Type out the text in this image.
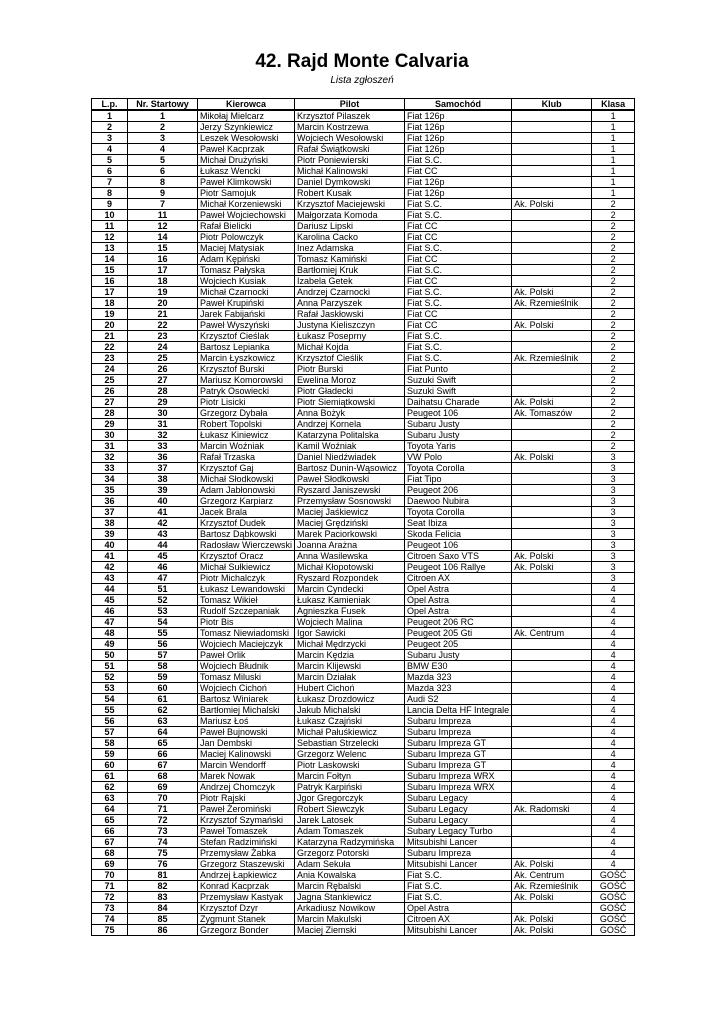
42. Rajd Monte Calvaria
Lista zgłoszeń
L.p.	Nr. Startowy	Kierowca	Pilot	Samochód	Klub	Klasa
1	1	Mikołaj Mielcarz	Krzysztof Pilaszek	Fiat 126p		1
2	2	Jerzy Szynkiewicz	Marcin Kostrzewa	Fiat 126p		1
3	3	Leszek Wesołowski	Wojciech Wesołowski	Fiat 126p		1
4	4	Paweł Kacprzak	Rafał Świątkowski	Fiat 126p		1
5	5	Michał Drużyński	Piotr Poniewierski	Fiat S.C.		1
6	6	Łukasz Wencki	Michał Kalinowski	Fiat CC		1
7	8	Paweł Klimkowski	Daniel Dymkowski	Fiat 126p		1
8	9	Piotr Samojuk	Robert Kusak	Fiat 126p		1
9	7	Michał Korzeniewski	Krzysztof Maciejewski	Fiat S.C.	Ak. Polski	2
10	11	Paweł Wojciechowski	Małgorzata Komoda	Fiat S.C.		2
11	12	Rafał Bielicki	Dariusz Lipski	Fiat CC		2
12	14	Piotr Polowczyk	Karolina Cacko	Fiat CC		2
13	15	Maciej Matysiak	Inez Adamska	Fiat S.C.		2
14	16	Adam Kępiński	Tomasz Kamiński	Fiat CC		2
15	17	Tomasz Pałyska	Bartłomiej Kruk	Fiat S.C.		2
16	18	Wojciech Kusiak	Izabela Getek	Fiat CC		2
17	19	Michał Czarnocki	Andrzej Czarnocki	Fiat S.C.	Ak. Polski	2
18	20	Paweł Krupiński	Anna Parzyszek	Fiat S.C.	Ak. Rzemieślnik	2
19	21	Jarek Fabijański	Rafał Jaskłowski	Fiat CC		2
20	22	Paweł Wyszyński	Justyna Kieliszczyn	Fiat CC	Ak. Polski	2
21	23	Krzysztof Cieślak	Łukasz Poseprny	Fiat S.C.		2
22	24	Bartosz Lepianka	Michał Kojda	Fiat S.C.		2
23	25	Marcin Łyszkowicz	Krzysztof Cieślik	Fiat S.C.	Ak. Rzemieślnik	2
24	26	Krzysztof Burski	Piotr Burski	Fiat Punto		2
25	27	Mariusz Komorowski	Ewelina Moroz	Suzuki Swift		2
26	28	Patryk Osowiecki	Piotr Gładecki	Suzuki Swift		2
27	29	Piotr Lisicki	Piotr Siemiątkowski	Daihatsu Charade	Ak. Polski	2
28	30	Grzegorz Dybała	Anna Bożyk	Peugeot 106	Ak. Tomaszów	2
29	31	Robert Topolski	Andrzej Kornela	Subaru Justy		2
30	32	Łukasz Kiniewicz	Katarzyna Politalska	Subaru Justy		2
31	33	Marcin Woźniak	Kamil Woźniak	Toyota Yaris		2
32	36	Rafał Trzaska	Daniel Niedźwiadek	VW Polo	Ak. Polski	3
33	37	Krzysztof Gaj	Bartosz Dunin-Wąsowicz	Toyota Corolla		3
34	38	Michał Słodkowski	Paweł Słodkowski	Fiat Tipo		3
35	39	Adam Jabłonowski	Ryszard Janiszewski	Peugeot 206		3
36	40	Grzegorz Karpiarz	Przemysław Sosnowski	Daewoo Nubira		3
37	41	Jacek Brala	Maciej Jaśkiewicz	Toyota Corolla		3
38	42	Krzysztof Dudek	Maciej Grędziński	Seat Ibiza		3
39	43	Bartosz Dąbkowski	Marek Paciorkowski	Skoda Felicia		3
40	44	Radosław Wierczewski	Joanna Arażna	Peugeot 106		3
41	45	Krzysztof Oracz	Anna Wasilewska	Citroen Saxo VTS	Ak. Polski	3
42	46	Michał Sułkiewicz	Michał Kłopotowski	Peugeot 106 Rallye	Ak. Polski	3
43	47	Piotr Michalczyk	Ryszard Rozpondek	Citroen AX		3
44	51	Łukasz Lewandowski	Marcin Cyndecki	Opel Astra		4
45	52	Tomasz Wikieł	Łukasz Kamieniak	Opel Astra		4
46	53	Rudolf Szczepaniak	Agnieszka Fusek	Opel Astra		4
47	54	Piotr Bis	Wojciech Malina	Peugeot 206 RC		4
48	55	Tomasz Niewiadomski	Igor Sawicki	Peugeot 205 Gti	Ak. Centrum	4
49	56	Wojciech Maciejczyk	Michał Mędrzycki	Peugeot 205		4
50	57	Paweł Orlik	Marcin Kędzia	Subaru Justy		4
51	58	Wojciech Błudnik	Marcin Klijewski	BMW E30		4
52	59	Tomasz Miluski	Marcin Działak	Mazda 323		4
53	60	Wojciech Cichoń	Hubert Cichoń	Mazda 323		4
54	61	Bartosz Winiarek	Łukasz Drozdowicz	Audi S2		4
55	62	Bartłomiej Michalski	Jakub Michalski	Lancia Delta HF Integrale		4
56	63	Mariusz Łoś	Łukasz Czajński	Subaru Impreza		4
57	64	Paweł Bujnowski	Michał Pałuśkiewicz	Subaru Impreza		4
58	65	Jan Dembski	Sebastian Strzelecki	Subaru Impreza GT		4
59	66	Maciej Kalinowski	Grzegorz Welenc	Subaru Impreza GT		4
60	67	Marcin Wendorff	Piotr Laskowski	Subaru Impreza GT		4
61	68	Marek Nowak	Marcin Fołtyn	Subaru Impreza WRX		4
62	69	Andrzej Chomczyk	Patryk Karpiński	Subaru Impreza WRX		4
63	70	Piotr Rajski	Jgor Gregorczyk	Subaru Legacy		4
64	71	Paweł Żeromiński	Robert Siewczyk	Subaru Legacy	Ak. Radomski	4
65	72	Krzysztof Szymański	Jarek Latosek	Subaru Legacy		4
66	73	Paweł Tomaszek	Adam Tomaszek	Subary Legacy Turbo		4
67	74	Stefan Radzimiński	Katarzyna Radzymińska	Mitsubishi Lancer		4
68	75	Przemysław Żabka	Grzegorz Potorski	Subaru Impreza		4
69	76	Grzegorz Staszewski	Adam Sekuła	Mitsubishi Lancer	Ak. Polski	4
70	81	Andrzej Łapkiewicz	Ania Kowalska	Fiat S.C.	Ak. Centrum	GOŚĆ
71	82	Konrad Kacprzak	Marcin Rębalski	Fiat S.C.	Ak. Rzemieślnik	GOŚĆ
72	83	Przemysław Kastyak	Jagna Stankiewicz	Fiat S.C.	Ak. Polski	GOŚĆ
73	84	Krzysztof Dzyr	Arkadiusz Nowikow	Opel Astra		GOŚĆ
74	85	Zygmunt Stanek	Marcin Makulski	Citroen AX	Ak. Polski	GOŚĆ
75	86	Grzegorz Bonder	Maciej Ziemski	Mitsubishi Lancer	Ak. Polski	GOŚĆ
